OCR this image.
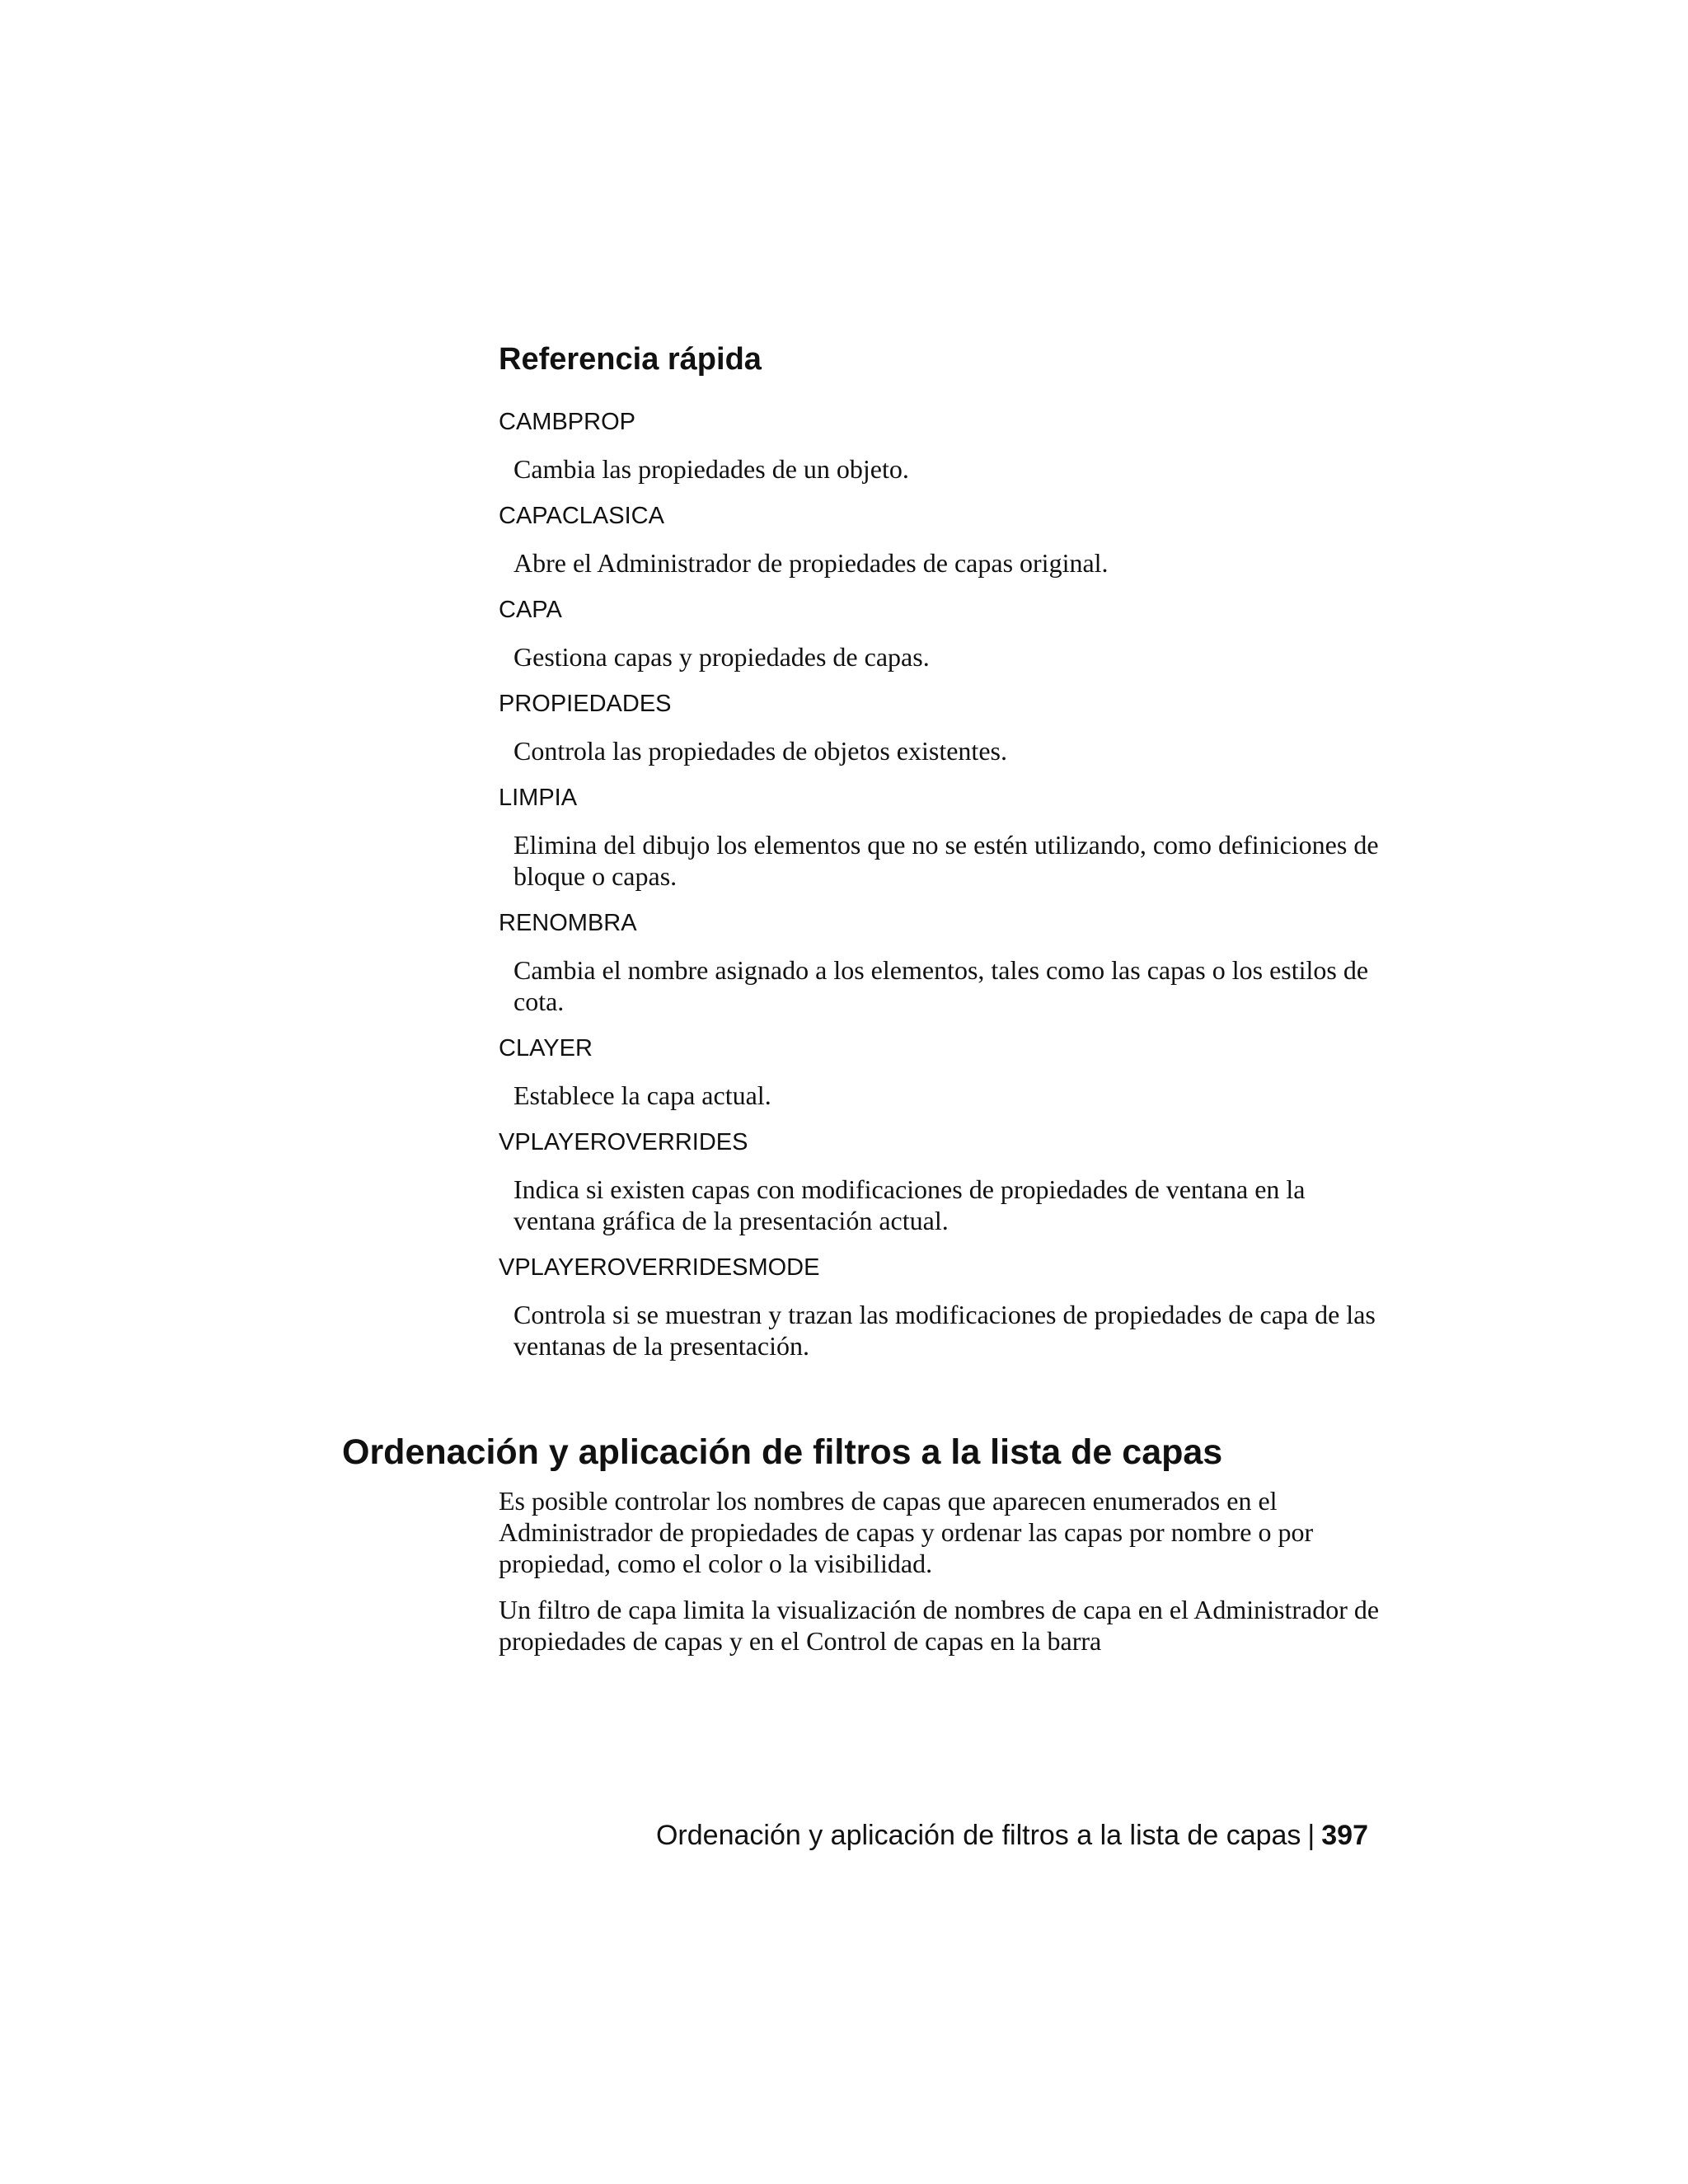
Referencia rápida
CAMBPROP
Cambia las propiedades de un objeto.
CAPACLASICA
Abre el Administrador de propiedades de capas original.
CAPA
Gestiona capas y propiedades de capas.
PROPIEDADES
Controla las propiedades de objetos existentes.
LIMPIA
Elimina del dibujo los elementos que no se estén utilizando, como definiciones de bloque o capas.
RENOMBRA
Cambia el nombre asignado a los elementos, tales como las capas o los estilos de cota.
CLAYER
Establece la capa actual.
VPLAYEROVERRIDES
Indica si existen capas con modificaciones de propiedades de ventana en la ventana gráfica de la presentación actual.
VPLAYEROVERRIDESMODE
Controla si se muestran y trazan las modificaciones de propiedades de capa de las ventanas de la presentación.
Ordenación y aplicación de filtros a la lista de capas

Es posible controlar los nombres de capas que aparecen enumerados en el Administrador de propiedades de capas y ordenar las capas por nombre o por propiedad, como el color o la visibilidad.

Un filtro de capa limita la visualización de nombres de capa en el Administrador de propiedades de capas y en el Control de capas en la barra

Ordenación y aplicación de filtros a la lista de capas | 397
